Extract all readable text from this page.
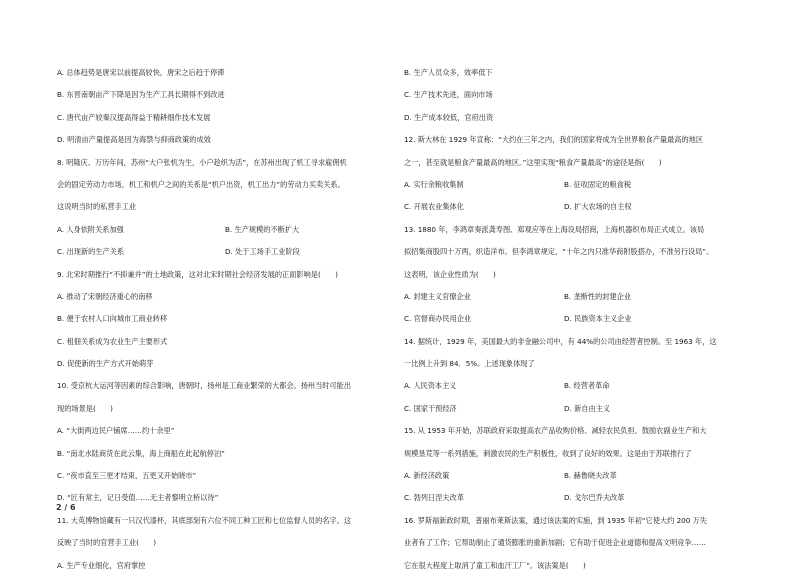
A. 总体趋势是唐宋以前提高较快，唐宋之后趋于停滞
B. 东晋南朝亩产下降是因为生产工具长期得不到改进
C. 唐代亩产较秦汉提高得益于精耕细作技术发展
D. 明清亩产量提高是因为海禁与抑商政策的成效
8. 明隆庆、万历年间，苏州“大户张机为生，小户趁织为活”，在苏州出现了机工寻求雇佣机
会的固定劳动力市场，机工和机户之间的关系是“机户出资，机工出力”的劳动力买卖关系。
这说明当时的私营手工业
A. 人身依附关系加强	B. 生产规模的不断扩大
C. 出现新的生产关系	D. 处于工场手工业阶段
9. 北宋时期推行“不抑兼并”的土地政策，这对北宋时期社会经济发展的正面影响是(　　)
A. 推动了宋朝经济重心的南移
B. 便于农村人口向城市工商业转移
C. 租佃关系成为农业生产主要形式
D. 促使新的生产方式开始萌芽
10. 受京杭大运河等因素的综合影响，唐朝时，扬州是工商业繁荣的大都会。扬州当时可能出
现的场景是(　　)
A. “大街两边民户铺席……约十余里”
B. “南北水陆商货在此云集，海上商船在此起航停泊”
C. “夜市直至三更才结束，五更又开始晓市”
D. “匠有常主，记日受值……无主者黎明立桥以待”
11. 大英博物馆藏有一只汉代漆杯，其底部刻有六位不同工种工匠和七位监督人员的名字。这
反映了当时的官营手工业(　　)
A. 生产专业细化，官府掌控
B. 生产人员众多，效率低下
C. 生产技术先进，面向市场
D. 生产成本较低，官府出资
12. 斯大林在 1929 年宣称：“大约在三年之内，我们的国家将成为全世界粮食产量最高的地区
之一，甚至就是粮食产量最高的地区。”这里实现“粮食产量最高”的途径是指(　　)
A. 实行余粮收集制	B. 征收固定的粮食税
C. 开展农业集体化	D. 扩大农场的自主权
13. 1880 年，李鸿章奏派龚寿图、郑观应等在上海设局招商，上海机器织布局正式成立。该局
拟招集商股四十万两，织造洋布。但李鸿章规定，“十年之内只准华商附股搭办，不准另行设局”。
这表明，该企业性质为(　　)
A. 封建主义官僚企业	B. 垄断性的封建企业
C. 官督商办民用企业	D. 民族资本主义企业
14. 据统计，1929 年，美国最大的非金融公司中，有 44%的公司由经营者控制。至 1963 年，这
一比例上升到 84．5%。上述现象体现了
A. 人民资本主义	B. 经营者革命
C. 国家干预经济	D. 新自由主义
15. 从 1953 年开始，苏联政府采取提高农产品收购价格、减轻农民负担、鼓励农副业生产和大
规模垦荒等一系列措施，刺激农民的生产积极性，收到了良好的效果。这是由于苏联推行了
A. 新经济政策	B. 赫鲁晓夫改革
C. 勃列日涅夫改革	D. 戈尔巴乔夫改革
16. 罗斯福新政时期，普丽布莱斯法案，通过该法案的实施，到 1935 年初“它使大约 200 万失
业者有了工作；它帮助制止了通货膨胀的重新加剧；它有助于促进企业道德和提高文明竞争……
它在很大程度上取消了童工和血汗工厂”。该法案是(　　)
2 / 6
